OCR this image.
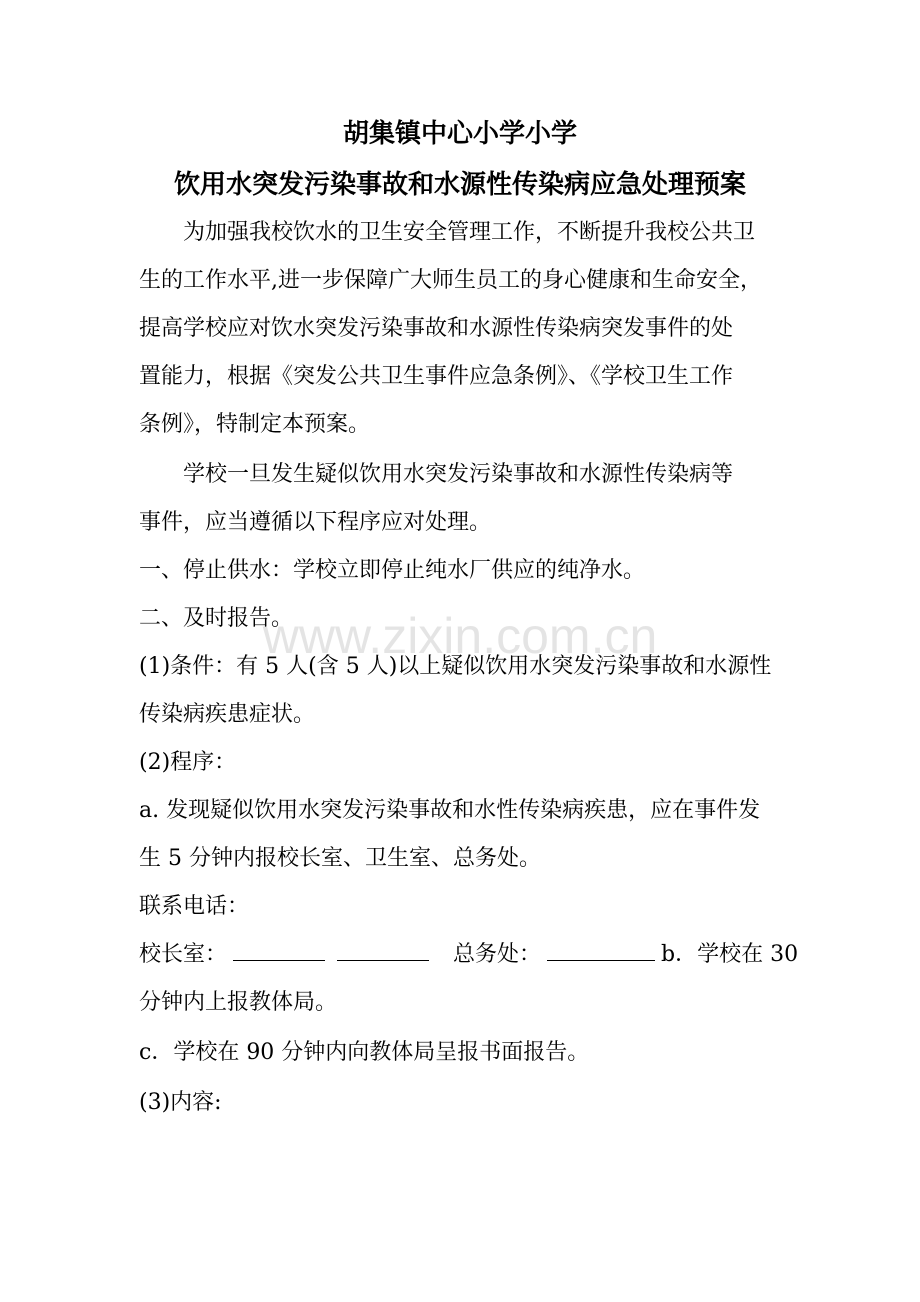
胡集镇中心小学小学
饮用水突发污染事故和水源性传染病应急处理预案
为加强我校饮水的卫生安全管理工作，不断提升我校公共卫
生的工作水平,进一步保障广大师生员工的身心健康和生命安全，
提高学校应对饮水突发污染事故和水源性传染病突发事件的处
置能力，根据《突发公共卫生事件应急条例》、《学校卫生工作
条例》，特制定本预案。
学校一旦发生疑似饮用水突发污染事故和水源性传染病等
事件，应当遵循以下程序应对处理。
一、停止供水：学校立即停止纯水厂供应的纯净水。
二、及时报告。
(1)条件：有 5 人(含 5 人)以上疑似饮用水突发污染事故和水源性
传染病疾患症状。
(2)程序：
a. 发现疑似饮用水突发污染事故和水性传染病疾患，应在事件发
生 5 分钟内报校长室、卫生室、总务处。
联系电话：
校长室：	总务处：	b．学校在 30
分钟内上报教体局。
c．学校在 90 分钟内向教体局呈报书面报告。
(3)内容:
www.zixin.com.cn
